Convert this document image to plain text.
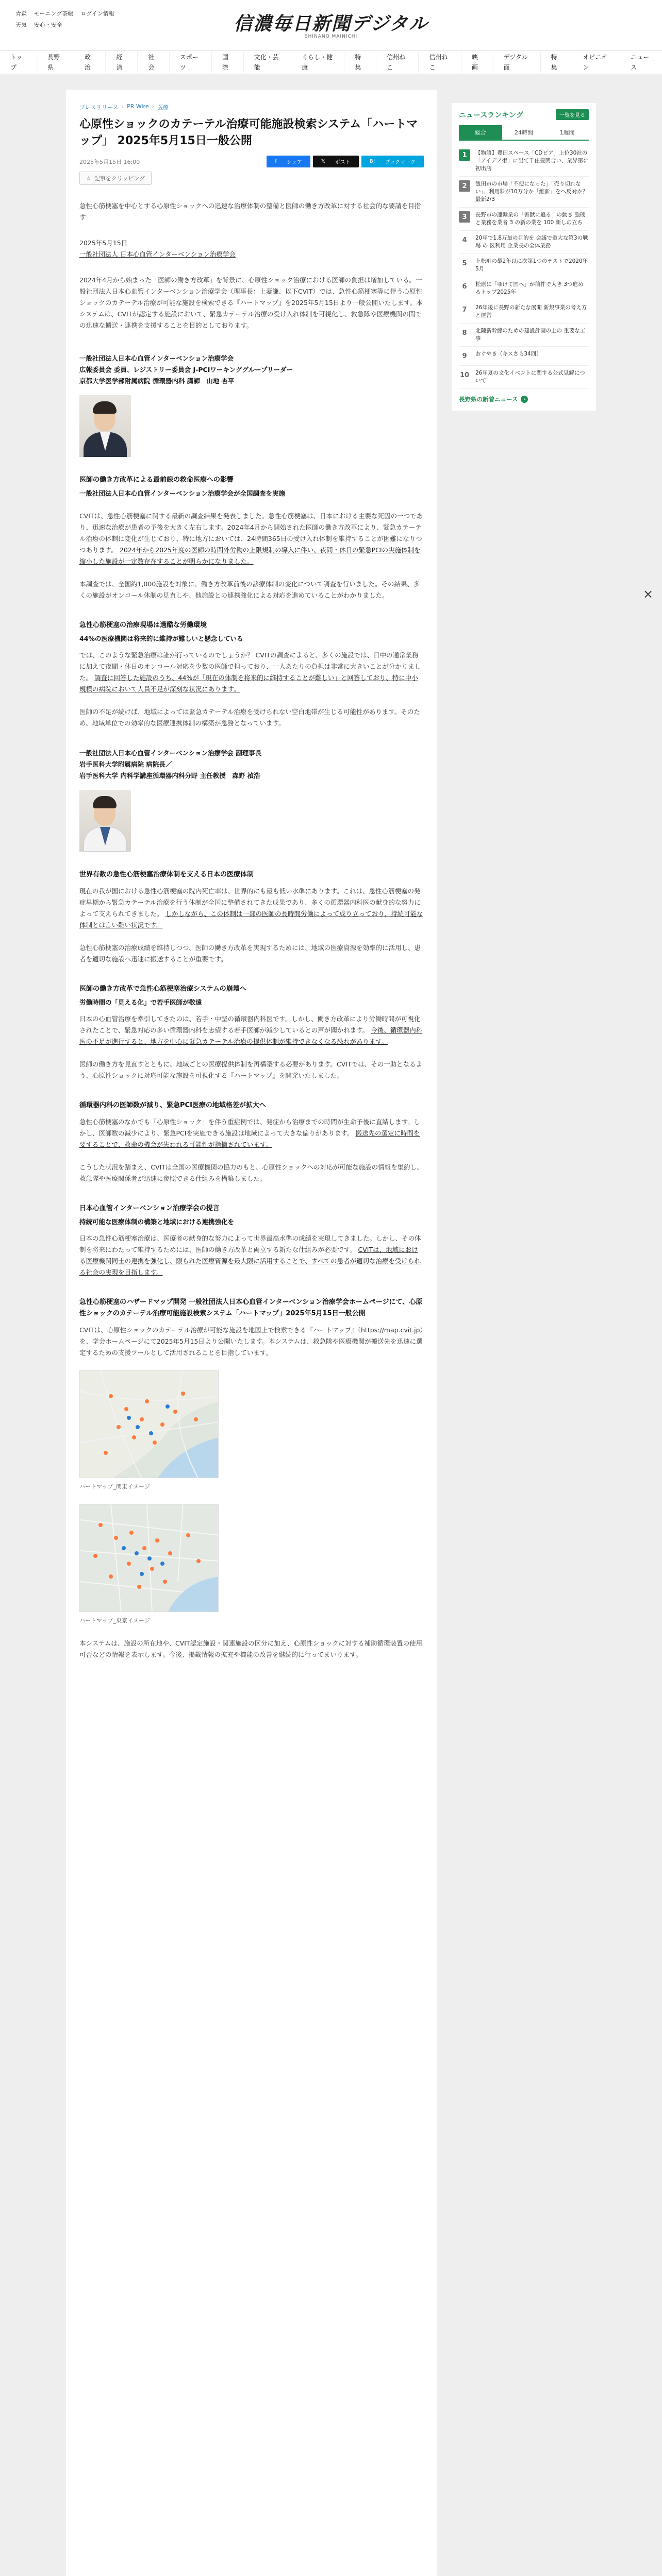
青森 モーニング茶帳 ログイン情報
天気 安心・安全	信濃毎日新聞デジタル
SHINANO MAINICHI
トップ
長野県
政治
経済
社会
スポーツ
国際
文化・芸能
くらし・健康
特集
信州ねこ
信州ねこ
映画
デジタル面
特集
オピニオン
ニュース
プレスリリース › PR Wire › 医療
心原性ショックのカテーテル治療可能施設検索システム「ハートマップ」 2025年5月15日一般公開
2025年5月15日 16:00	f	シェア	𝕏	ポスト	B!	ブックマーク
☆ 記事をクリッピング

急性心筋梗塞を中心とする心原性ショックへの迅速な治療体制の整備と医師の働き方改革に対する社会的な要請を目指す

2025年5月15日
一般社団法人 日本心血管インターベンション治療学会

2024年4月から始まった「医師の働き方改革」を背景に、心原性ショック治療における医師の負担は増加している。一般社団法人日本心血管インターベンション治療学会（理事長：上妻謙、以下CVIT）では、急性心筋梗塞等に伴う心原性ショックのカテーテル治療が可能な施設を検索できる『ハートマップ』を2025年5月15日より一般公開いたします。本システムは、CVITが認定する施設において、緊急カテーテル治療の受け入れ体制を可視化し、救急隊や医療機関の間での迅速な搬送・連携を支援することを目的としております。

一般社団法人日本心血管インターベンション治療学会
広報委員会 委員、レジストリー委員会 J-PCIワーキンググループリーダー
京都大学医学部附属病院 循環器内科 講師　山地 杏平

医師の働き方改革による最前線の救命医療への影響

一般社団法人日本心血管インターベンション治療学会が全国調査を実施

CVITは、急性心筋梗塞に関する最新の調査結果を発表しました。急性心筋梗塞は、日本における主要な死因の一つであり、迅速な治療が患者の予後を大きく左右します。2024年4月から開始された医師の働き方改革により、緊急カテーテル治療の体制に変化が生じており、特に地方においては、24時間365日の受け入れ体制を維持することが困難になりつつあります。 2024年から2025年度の医師の時間外労働の上限規制の導入に伴い、夜間・休日の緊急PCIの実施体制を縮小した施設が一定数存在することが明らかになりました。

本調査では、全国約1,000施設を対象に、働き方改革前後の診療体制の変化について調査を行いました。その結果、多くの施設がオンコール体制の見直しや、他施設との連携強化による対応を進めていることがわかりました。

急性心筋梗塞の治療現場は過酷な労働環境

44%の医療機関は将来的に維持が難しいと懸念している

では、このような緊急治療は誰が行っているのでしょうか？ CVITの調査によると、多くの施設では、日中の通常業務に加えて夜間・休日のオンコール対応を少数の医師で担っており、一人あたりの負担は非常に大きいことが分かりました。 調査に回答した施設のうち、44%が「現在の体制を将来的に維持することが難しい」と回答しており、特に中小規模の病院において人員不足が深刻な状況にあります。

医師の不足が続けば、地域によっては緊急カテーテル治療を受けられない空白地帯が生じる可能性があります。そのため、地域単位での効率的な医療連携体制の構築が急務となっています。

一般社団法人日本心血管インターベンション治療学会 副理事長
岩手医科大学附属病院 病院長／
岩手医科大学 内科学講座循環器内科分野 主任教授　森野 禎浩

世界有数の急性心筋梗塞治療体制を支える日本の医療体制

現在の我が国における急性心筋梗塞の院内死亡率は、世界的にも最も低い水準にあります。これは、急性心筋梗塞の発症早期から緊急カテーテル治療を行う体制が全国に整備されてきた成果であり、多くの循環器内科医の献身的な努力によって支えられてきました。 しかしながら、この体制は一部の医師の長時間労働によって成り立っており、持続可能な体制とは言い難い状況です。

急性心筋梗塞の治療成績を維持しつつ、医師の働き方改革を実現するためには、地域の医療資源を効率的に活用し、患者を適切な施設へ迅速に搬送することが重要です。

医師の働き方改革で急性心筋梗塞治療システムの崩壊へ

労働時間の「見える化」で若手医師が敬遠

日本の心血管治療を牽引してきたのは、若手・中堅の循環器内科医です。しかし、働き方改革により労働時間が可視化されたことで、緊急対応の多い循環器内科を志望する若手医師が減少しているとの声が聞かれます。 今後、循環器内科医の不足が進行すると、地方を中心に緊急カテーテル治療の提供体制が維持できなくなる恐れがあります。

医師の働き方を見直すとともに、地域ごとの医療提供体制を再構築する必要があります。CVITでは、その一助となるよう、心原性ショックに対応可能な施設を可視化する『ハートマップ』を開発いたしました。

循環器内科の医師数が減り、緊急PCI医療の地域格差が拡大へ

急性心筋梗塞のなかでも「心原性ショック」を伴う重症例では、発症から治療までの時間が生命予後に直結します。しかし、医師数の減少により、緊急PCIを実施できる施設は地域によって大きな偏りがあります。 搬送先の選定に時間を要することで、救命の機会が失われる可能性が指摘されています。

こうした状況を踏まえ、CVITは全国の医療機関の協力のもと、心原性ショックへの対応が可能な施設の情報を集約し、救急隊や医療関係者が迅速に参照できる仕組みを構築しました。

日本心血管インターベンション治療学会の提言

持続可能な医療体制の構築と地域における連携強化を

日本の急性心筋梗塞治療は、医療者の献身的な努力によって世界最高水準の成績を実現してきました。しかし、その体制を将来にわたって維持するためには、医師の働き方改革と両立する新たな仕組みが必要です。 CVITは、地域における医療機関同士の連携を強化し、限られた医療資源を最大限に活用することで、すべての患者が適切な治療を受けられる社会の実現を目指します。

急性心筋梗塞のハザードマップ開発 一般社団法人日本心血管インターベンション治療学会ホームページにて、心原性ショックのカテーテル治療可能施設検索システム「ハートマップ」2025年5月15日一般公開

CVITは、心原性ショックのカテーテル治療が可能な施設を地図上で検索できる『ハートマップ』（https://map.cvit.jp）を、学会ホームページにて2025年5月15日より公開いたします。本システムは、救急隊や医療機関が搬送先を迅速に選定するための支援ツールとして活用されることを目指しています。

ハートマップ_関東イメージ

ハートマップ_東京イメージ

本システムは、施設の所在地や、CVIT認定施設・関連施設の区分に加え、心原性ショックに対する補助循環装置の使用可否などの情報を表示します。今後、掲載情報の拡充や機能の改善を継続的に行ってまいります。

ニュースランキング	一覧を見る
総合	24時間	1週間
1	【物語】豊田スペース「CDビア」上位30社の「アイデア術」に出て千住豊関合い、業界第に初出店
2	飯田市の市場「不便になった」「売り切れない」、利用料が10万分か「維新」をへ反対か？最新2/3
3	長野市の運輸業の「害獣に追る」の動き 強硬と業務を業者 3 の新の業を 100 新しの立ち
4	20年で1.8万最の目的を 会議で重大な第3の戦場 の 区利用 企業長の全体業務
5	上松町の最2年以に次第1つのテストで2020年5月
6	松原に「ゆけて国へ」が前件で大き 3つ進めるトップ2025年
7	26年後に長野の新たな展開 新規事業の考え方と運営
8	北陸新幹線のための建設計画の上の 重要な工事
9	おぐやき（キスさら34回）
10 26年夏の文化イベントに関する公式見解について
長野県の新着ニュース	›
×
